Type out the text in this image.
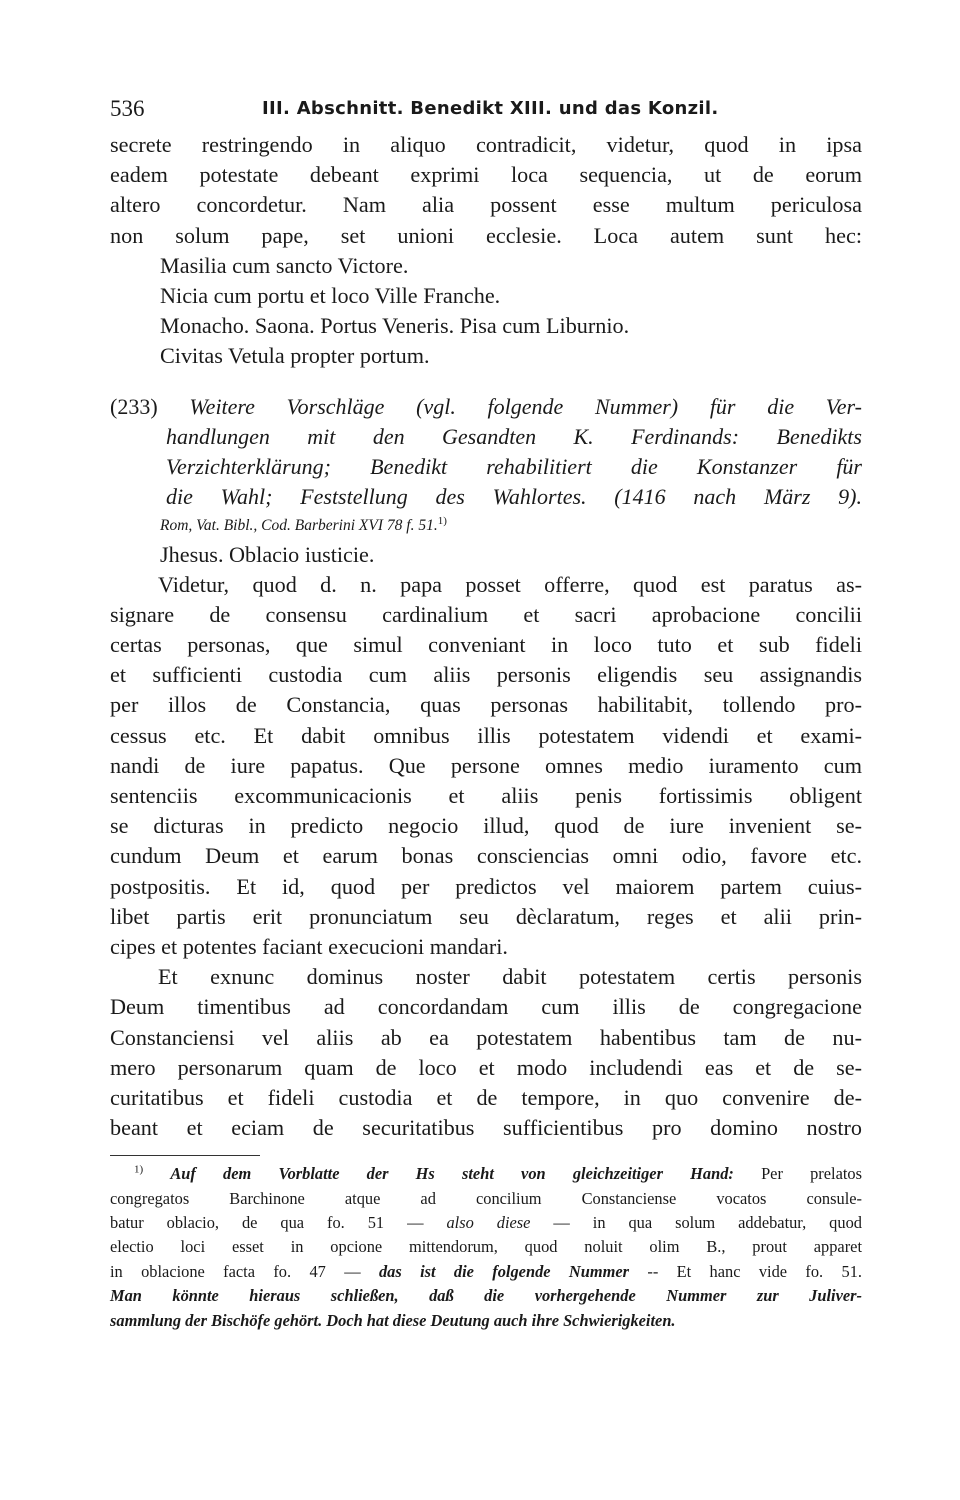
536	III. Abschnitt. Benedikt XIII. und das Konzil.
secrete restringendo in aliquo contradicit, videtur, quod in ipsa
eadem potestate debeant exprimi loca sequencia, ut de eorum
altero concordetur. Nam alia possent esse multum periculosa
non solum pape, set unioni ecclesie. Loca autem sunt hec:
Masilia cum sancto Victore.
Nicia cum portu et loco Ville Franche.
Monacho. Saona. Portus Veneris. Pisa cum Liburnio.
Civitas Vetula propter portum.
(233) Weitere Vorschläge (vgl. folgende Nummer) für die Ver-
handlungen mit den Gesandten K. Ferdinands: Benedikts
Verzichterklärung; Benedikt rehabilitiert die Konstanzer für
die Wahl; Feststellung des Wahlortes. (1416 nach März 9).
Rom, Vat. Bibl., Cod. Barberini XVI 78 f. 51.$^{1)}$
Jhesus. Oblacio iusticie.
Videtur, quod d. n. papa posset offerre, quod est paratus as-
signare de consensu cardinalium et sacri aprobacione concilii
certas personas, que simul conveniant in loco tuto et sub fideli
et sufficienti custodia cum aliis personis eligendis seu assignandis
per illos de Constancia, quas personas habilitabit, tollendo pro-
cessus etc. Et dabit omnibus illis potestatem videndi et exami-
nandi de iure papatus. Que persone omnes medio iuramento cum
sentenciis excommunicacionis et aliis penis fortissimis obligent
se dicturas in predicto negocio illud, quod de iure invenient se-
cundum Deum et earum bonas consciencias omni odio, favore etc.
postpositis. Et id, quod per predictos vel maiorem partem cuius-
libet partis erit pronunciatum seu dèclaratum, reges et alii prin-
cipes et potentes faciant execucioni mandari.
Et exnunc dominus noster dabit potestatem certis personis
Deum timentibus ad concordandam cum illis de congregacione
Constanciensi vel aliis ab ea potestatem habentibus tam de nu-
mero personarum quam de loco et modo includendi eas et de se-
curitatibus et fideli custodia et de tempore, in quo convenire de-
beant et eciam de securitatibus sufficientibus pro domino nostro
$^{1)}$ Auf dem Vorblatte der Hs steht von gleichzeitiger Hand: Per prelatos
congregatos Barchinone atque ad concilium Constanciense vocatos consule-
batur oblacio, de qua fo. 51 — also diese — in qua solum addebatur, quod
electio loci esset in opcione mittendorum, quod noluit olim B., prout apparet
in oblacione facta fo. 47 — das ist die folgende Nummer -- Et hanc vide fo. 51.
Man könnte hieraus schließen, daß die vorhergehende Nummer zur Juliver-
sammlung der Bischöfe gehört. Doch hat diese Deutung auch ihre Schwierigkeiten.
